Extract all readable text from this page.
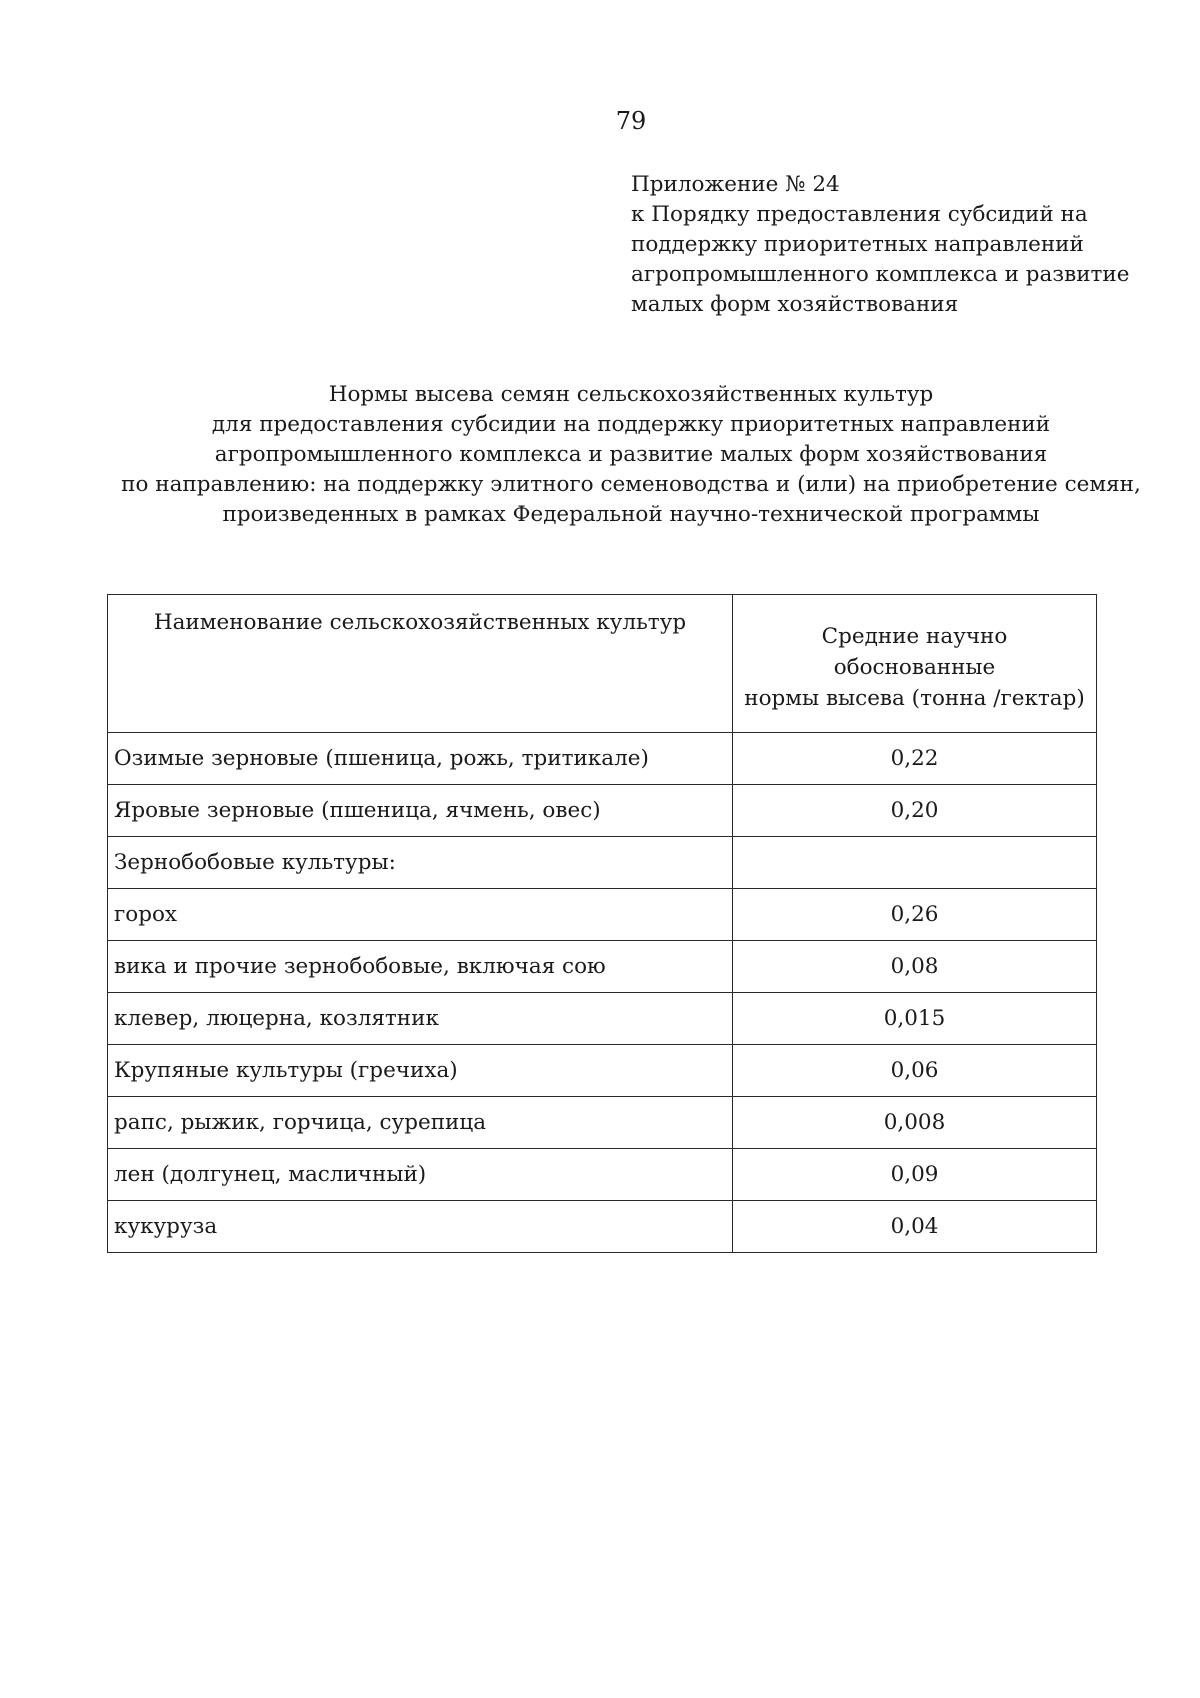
79
Приложение № 24
к Порядку предоставления субсидий на
поддержку приоритетных направлений
агропромышленного комплекса и развитие
малых форм хозяйствования
Нормы высева семян сельскохозяйственных культур
для предоставления субсидии на поддержку приоритетных направлений
агропромышленного комплекса и развитие малых форм хозяйствования
по направлению: на поддержку элитного семеноводства и (или) на приобретение семян,
произведенных в рамках Федеральной научно-технической программы
Наименование сельскохозяйственных культур	Средние научно обоснованные
нормы высева (тонна /гектар)

Озимые зерновые (пшеница, рожь, тритикале)	0,22
Яровые зерновые (пшеница, ячмень, овес)	0,20
Зернобобовые культуры:	
горох	0,26
вика и прочие зернобобовые, включая сою	0,08
клевер, люцерна, козлятник	0,015
Крупяные культуры (гречиха)	0,06
рапс, рыжик, горчица, сурепица	0,008
лен (долгунец, масличный)	0,09
кукуруза	0,04
